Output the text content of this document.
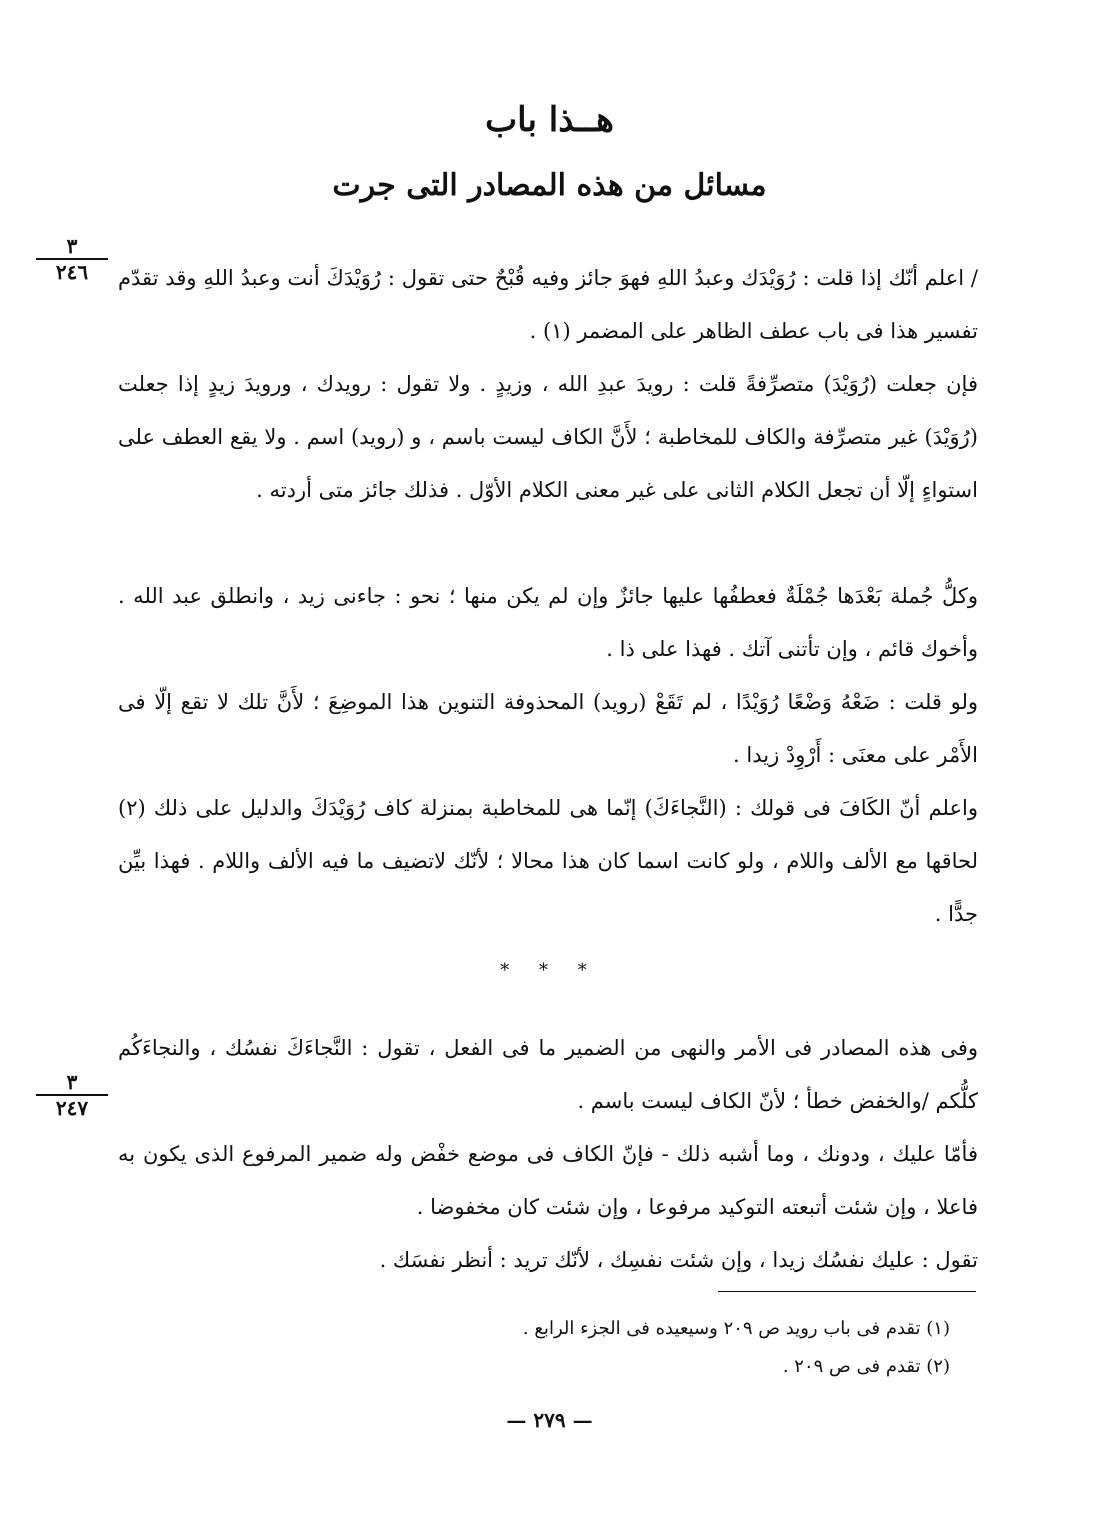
هــذا باب
مسائل من هذه المصادر التى جرت
٣
٢٤٦	/ اعلم أنّك إذا قلت : رُوَيْدَك وعبدُ اللهِ فهوَ جائز وفيه قُبْحٌ حتى تقول : رُوَيْدَكَ أنت وعبدُ اللهِ وقد تقدّم تفسير هذا فى باب عطف الظاهر على المضمر (١) .

فإن جعلت (رُوَيْدَ) متصرِّفةً قلت : رويدَ عبدِ الله ، وزيدٍ . ولا تقول : رويدك ، ورويدَ زيدٍ إذا جعلت (رُوَيْدَ) غير متصرِّفة والكاف للمخاطبة ؛ لأَنَّ الكاف ليست باسم ، و (رويد) اسم . ولا يقع العطف على استواءٍ إلّا أن تجعل الكلام الثانى على غير معنى الكلام الأوّل . فذلك جائز متى أردته .

وكلُّ جُملة بَعْدَها جُمْلَةٌ فعطفُها عليها جائزٌ وإن لم يكن منها ؛ نحو : جاءنى زيد ، وانطلق عبد الله . وأخوك قائم ، وإن تأتنى آتك . فهذا على ذا .

ولو قلت : ضَعْهُ وَضْعًا رُوَيْدًا ، لم تَقَعْ (رويد) المحذوفة التنوين هذا الموضِعَ ؛ لأَنَّ تلك لا تقع إلّا فى الأَمْر على معنَى : أَرْوِدْ زيدا .

واعلم أنّ الكَافَ فى قولك : (النَّجاءَكَ) إنّما هى للمخاطبة بمنزلة كاف رُوَيْدَكَ والدليل على ذلك (٢) لحاقها مع الألف واللام ، ولو كانت اسما كان هذا محالا ؛ لأنّك لاتضيف ما فيه الألف واللام . فهذا بيِّن جدًّا .

* * *

٣
٢٤٧

وفى هذه المصادر فى الأمر والنهى من الضمير ما فى الفعل ، تقول : النَّجاءَكَ نفسُك ، والنجاءَكُم كلُّكم /والخفض خطأ ؛ لأنّ الكاف ليست باسم .

فأمّا عليك ، ودونك ، وما أشبه ذلك - فإنّ الكاف فى موضع خفْض وله ضمير المرفوع الذى يكون به فاعلا ، وإن شئت أتبعته التوكيد مرفوعا ، وإن شئت كان مخفوضا .

تقول : عليك نفسُك زيدا ، وإن شئت نفسِك ، لأنّك تريد : أنظر نفسَك .

(١) تقدم فى باب رويد ص ٢٠٩ وسيعيده فى الجزء الرابع .

(٢) تقدم فى ص ٢٠٩ .

— ٢٧٩ —
